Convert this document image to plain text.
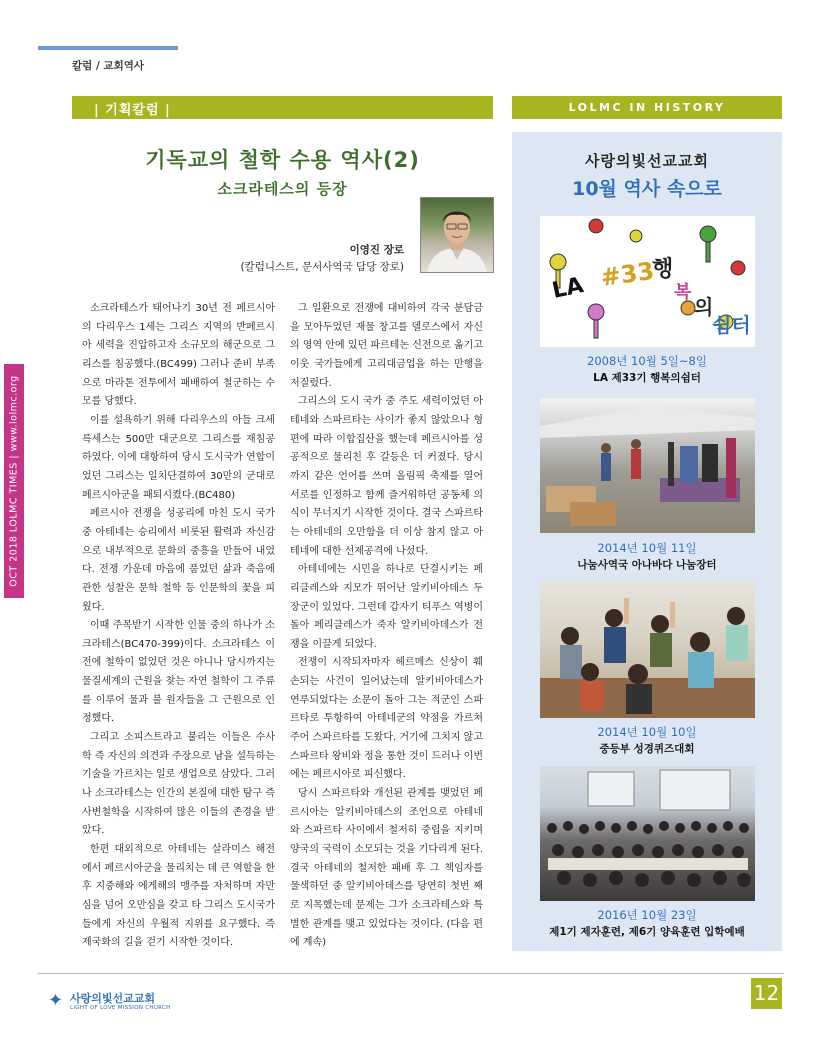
칼럼 / 교회역사
| 기획칼럼 |	LOLMC IN HISTORY
기독교의 철학 수용 역사(2)
소크라테스의 등장
이영진 장로
(칼럼니스트, 문서사역국 담당 장로)

소크라테스가 태어나기 30년 전 페르시아의 다리우스 1세는 그리스 지역의 반페르시아 세력을 진압하고자 소규모의 해군으로 그리스를 침공했다.(BC499) 그러나 준비 부족으로 마라톤 전투에서 패배하여 철군하는 수모를 당했다.

이를 설욕하기 위해 다리우스의 아들 크세륵세스는 500만 대군으로 그리스를 재침공하였다. 이에 대항하여 당시 도시국가 연합이었던 그리스는 일치단결하여 30만의 군대로 페르시아군을 패퇴시켰다.(BC480)

페르시아 전쟁을 성공리에 마친 도시 국가 중 아테네는 승리에서 비롯된 활력과 자신감으로 내부적으로 문화의 중흥을 만들어 내었다. 전쟁 가운데 마음에 품었던 삶과 죽음에 관한 성찰은 문학 철학 등 인문학의 꽃을 피웠다.

이때 주목받기 시작한 인물 중의 하나가 소크라테스(BC470-399)이다. 소크라테스 이전에 철학이 없었던 것은 아니나 당시까지는 물질세계의 근원을 찾는 자연 철학이 그 주류를 이루어 물과 불 원자들을 그 근원으로 인정했다.

그리고 소피스트라고 불리는 이들은 수사학 즉 자신의 의견과 주장으로 남을 설득하는 기술을 가르치는 일로 생업으로 삼았다. 그러나 소크라테스는 인간의 본질에 대한 탐구 즉 사변철학을 시작하여 많은 이들의 존경을 받았다.

한편 대외적으로 아테네는 살라미스 해전에서 페르시아군을 물리치는 데 큰 역할을 한 후 지중해와 에게해의 맹주를 자처하며 자만심을 넘어 오만심을 갖고 타 그리스 도시국가들에게 자신의 우월적 지위를 요구했다. 즉 제국화의 길을 걷기 시작한 것이다.

그 일환으로 전쟁에 대비하여 각국 분담금을 모아두었던 재물 창고를 델로스에서 자신의 영역 안에 있던 파르테논 신전으로 옮기고 이웃 국가들에게 고리대금업을 하는 만행을 저질렀다.

그리스의 도시 국가 중 주도 세력이었던 아테네와 스파르타는 사이가 좋지 않았으나 형편에 따라 이합집산을 했는데 페르시아를 성공적으로 물리친 후 갈등은 더 커졌다. 당시까지 같은 언어를 쓰며 올림픽 축제를 열어 서로를 인정하고 함께 즐거워하던 공동체 의식이 무너지기 시작한 것이다. 결국 스파르타는 아테네의 오만함을 더 이상 참지 않고 아테네에 대한 선제공격에 나섰다.

아테네에는 시민을 하나로 단결시키는 페리클레스와 지모가 뛰어난 알키비아데스 두 장군이 있었다. 그런데 갑자기 티푸스 역병이 돌아 페리클레스가 죽자 알키비아데스가 전쟁을 이끌게 되었다.

전쟁이 시작되자마자 헤르메스 신상이 훼손되는 사건이 일어났는데 알키비아데스가 연루되었다는 소문이 돌아 그는 적군인 스파르타로 투항하여 아테네군의 약점을 가르쳐 주어 스파르타를 도왔다. 거기에 그치지 않고 스파르타 왕비와 정을 통한 것이 드러나 이번에는 페르시아로 피신했다.

당시 스파르타와 개선된 관계를 맺었던 페르시아는 알키비아데스의 조언으로 아테네와 스파르타 사이에서 철저히 중립을 지키며 양국의 국력이 소모되는 것을 기다리게 된다. 결국 아테네의 철저한 패배 후 그 책임자를 물색하던 중 알키비아데스를 당연히 첫번 째로 지목했는데 문제는 그가 소크라테스와 특별한 관계를 맺고 있었다는 것이다. (다음 편에 계속)

사랑의빛선교교회
10월 역사 속으로
LA #33
행
복
의
쉼터
2008년 10월 5일~8일
LA 제33기 행복의쉼터
2014년 10월 11일
나눔사역국 아나바다 나눔장터
2014년 10월 10일
중등부 성경퀴즈대회
2016년 10월 23일
제1기 제자훈련, 제6기 양육훈련 입학예배
OCT 2018 LOLMC TIMES | www.lolmc.org
✦ 사랑의빛선교교회
LIGHT OF LOVE MISSION CHURCH
12
